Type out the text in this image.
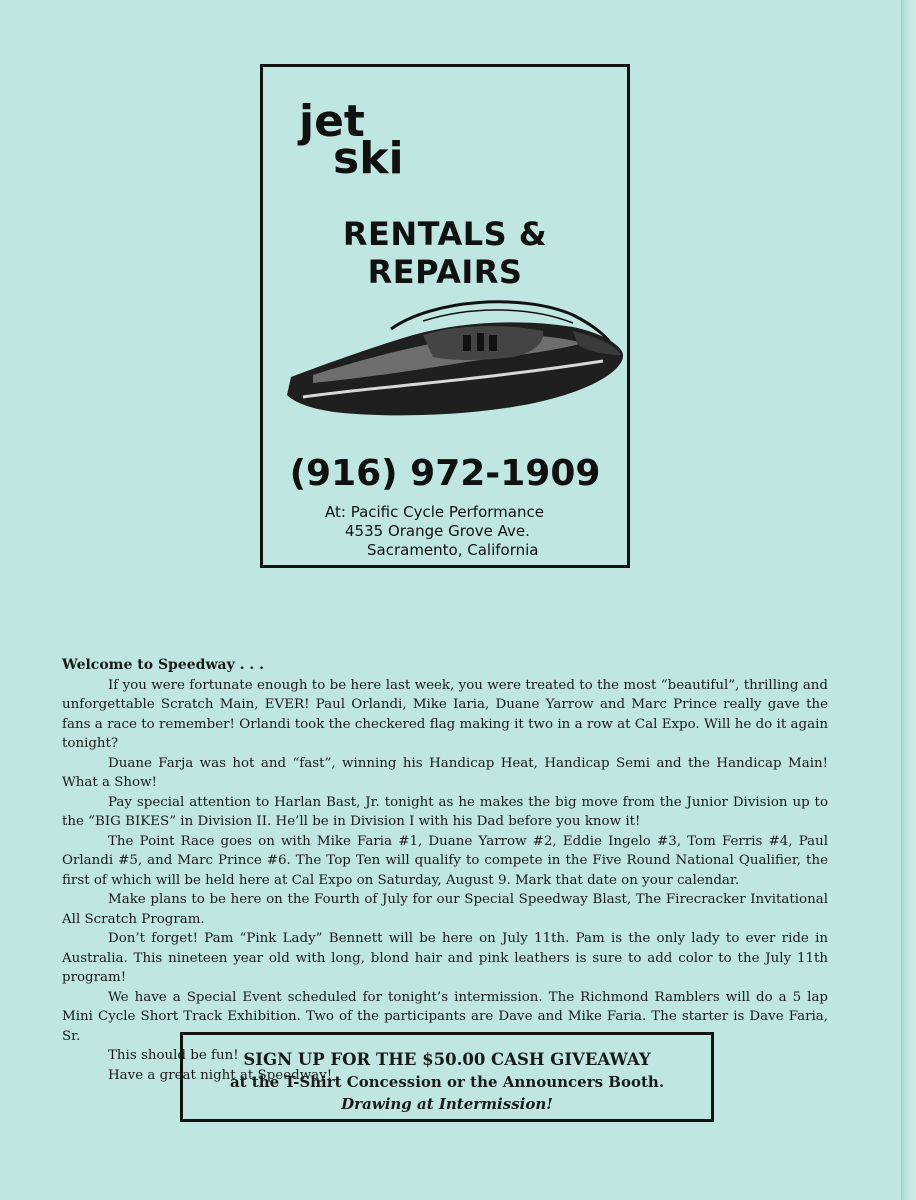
jet
ski
RENTALS & REPAIRS
(916) 972-1909
At: Pacific Cycle Performance
4535 Orange Grove Ave.
Sacramento, California
Welcome to Speedway . . .

If you were fortunate enough to be here last week, you were treated to the most “beautiful”, thrilling and unforgettable Scratch Main, EVER! Paul Orlandi, Mike Iaria, Duane Yarrow and Marc Prince really gave the fans a race to remember! Orlandi took the checkered flag making it two in a row at Cal Expo. Will he do it again tonight?

Duane Farja was hot and “fast”, winning his Handicap Heat, Handicap Semi and the Handicap Main! What a Show!

Pay special attention to Harlan Bast, Jr. tonight as he makes the big move from the Junior Division up to the “BIG BIKES” in Division II. He’ll be in Division I with his Dad before you know it!

The Point Race goes on with Mike Faria #1, Duane Yarrow #2, Eddie Ingelo #3, Tom Ferris #4, Paul Orlandi #5, and Marc Prince #6. The Top Ten will qualify to compete in the Five Round National Qualifier, the first of which will be held here at Cal Expo on Saturday, August 9. Mark that date on your calendar.

Make plans to be here on the Fourth of July for our Special Speedway Blast, The Firecracker Invitational All Scratch Program.

Don’t forget! Pam “Pink Lady” Bennett will be here on July 11th. Pam is the only lady to ever ride in Australia. This nineteen year old with long, blond hair and pink leathers is sure to add color to the July 11th program!

We have a Special Event scheduled for tonight’s intermission. The Richmond Ramblers will do a 5 lap Mini Cycle Short Track Exhibition. Two of the participants are Dave and Mike Faria. The starter is Dave Faria, Sr.

This should be fun!

Have a great night at Speedway!

SIGN UP FOR THE $50.00 CASH GIVEAWAY
at the T-Shirt Concession or the Announcers Booth.
Drawing at Intermission!
